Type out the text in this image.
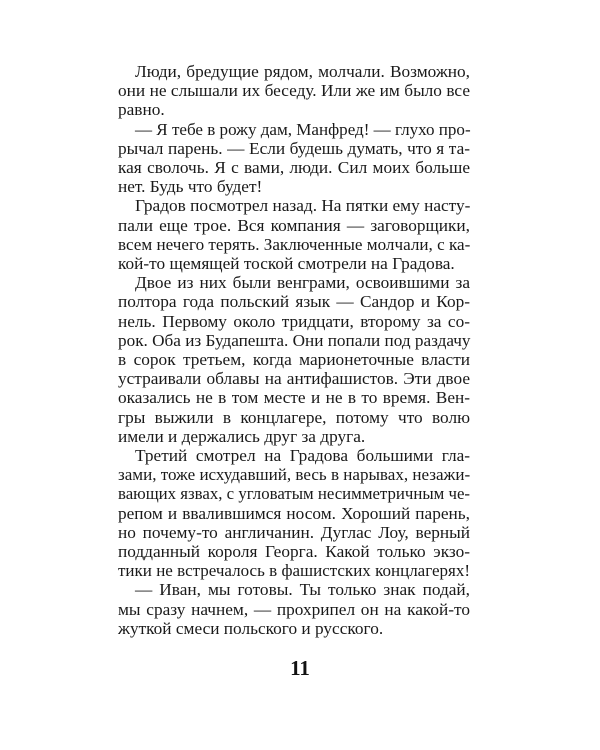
Люди, бредущие рядом, молчали. Возможно,

они не слышали их беседу. Или же им было все

равно.

— Я тебе в рожу дам, Манфред! — глухо про-

рычал парень. — Если будешь думать, что я та-

кая сволочь. Я с вами, люди. Сил моих больше

нет. Будь что будет!

Градов посмотрел назад. На пятки ему насту-

пали еще трое. Вся компания — заговорщики,

всем нечего терять. Заключенные молчали, с ка-

кой-то щемящей тоской смотрели на Градова.

Двое из них были венграми, освоившими за

полтора года польский язык — Сандор и Кор-

нель. Первому около тридцати, второму за со-

рок. Оба из Будапешта. Они попали под раздачу

в сорок третьем, когда марионеточные власти

устраивали облавы на антифашистов. Эти двое

оказались не в том месте и не в то время. Вен-

гры выжили в концлагере, потому что волю

имели и держались друг за друга.

Третий смотрел на Градова большими гла-

зами, тоже исхудавший, весь в нарывах, незажи-

вающих язвах, с угловатым несимметричным че-

репом и ввалившимся носом. Хороший парень,

но почему-то англичанин. Дуглас Лоу, верный

подданный короля Георга. Какой только экзо-

тики не встречалось в фашистских концлагерях!

— Иван, мы готовы. Ты только знак подай,

мы сразу начнем, — прохрипел он на какой-то

жуткой смеси польского и русского.

11
